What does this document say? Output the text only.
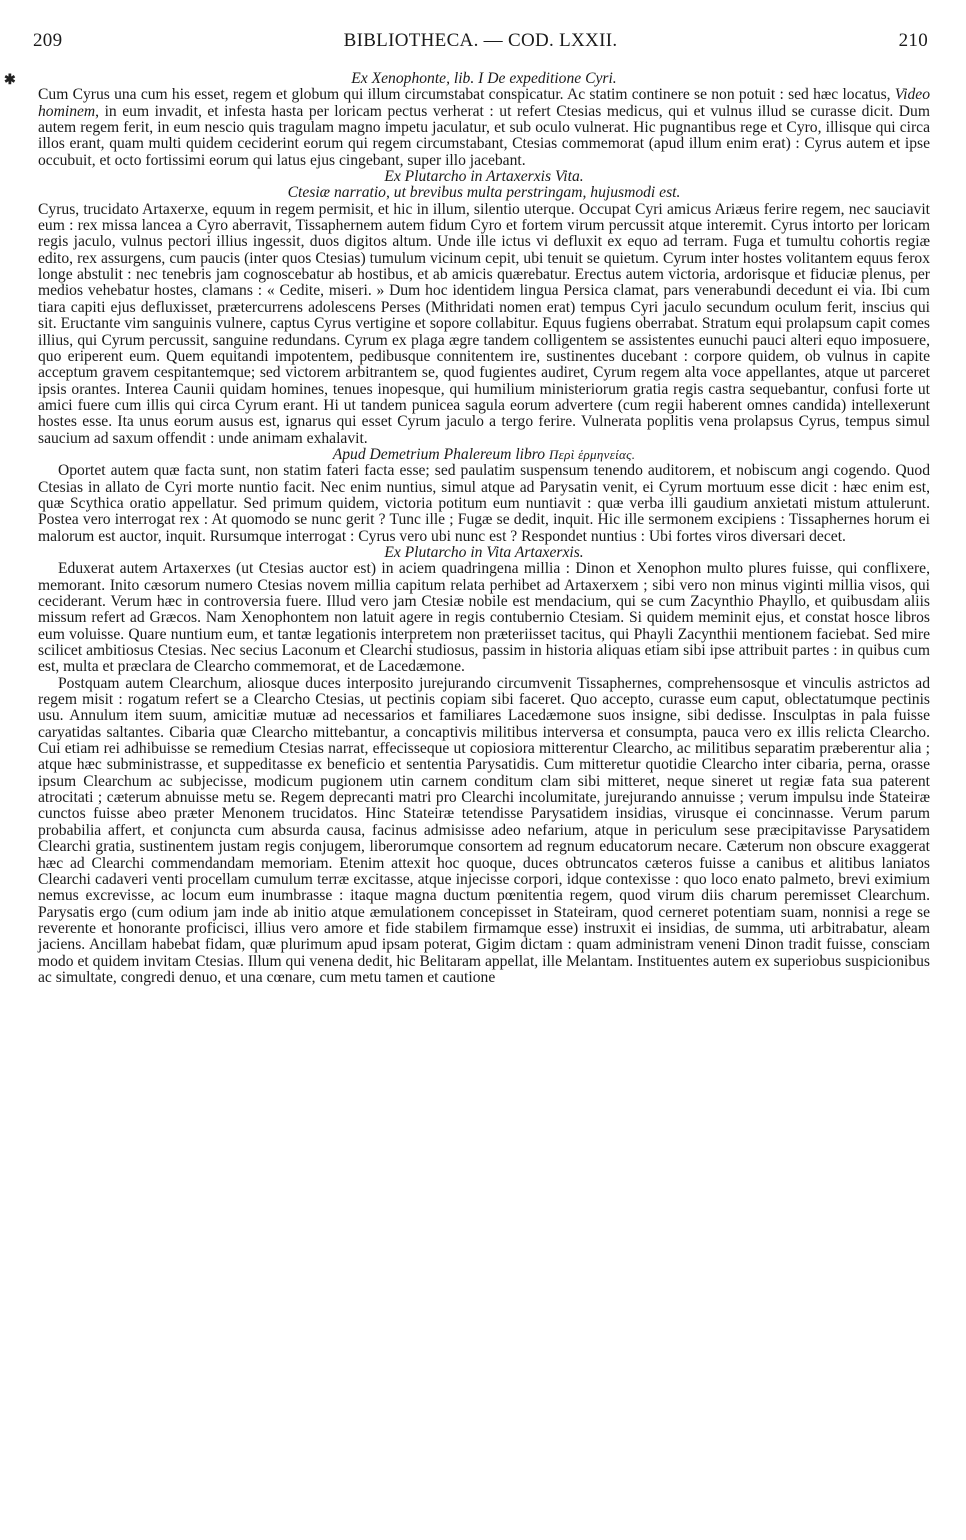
209	BIBLIOTHECA. — COD. LXXII.	210
✱	Ex Xenophonte, lib. I De expeditione Cyri.

Cum Cyrus una cum his esset, regem et globum qui illum circumstabat conspicatur. Ac statim continere se non potuit : sed hæc locatus, Video hominem, in eum invadit, et infesta hasta per loricam pectus verherat : ut refert Ctesias medicus, qui et vulnus illud se curasse dicit. Dum autem regem ferit, in eum nescio quis tragulam magno impetu jaculatur, et sub oculo vulnerat. Hic pugnantibus rege et Cyro, illisque qui circa illos erant, quam multi quidem ceciderint eorum qui regem circumstabant, Ctesias commemorat (apud illum enim erat) : Cyrus autem et ipse occubuit, et octo fortissimi eorum qui latus ejus cingebant, super illo jacebant.

Ex Plutarcho in Artaxerxis Vita.

Ctesiæ narratio, ut brevibus multa perstringam, hujusmodi est.

Cyrus, trucidato Artaxerxe, equum in regem permisit, et hic in illum, silentio uterque. Occupat Cyri amicus Ariæus ferire regem, nec sauciavit eum : rex missa lancea a Cyro aberravit, Tissaphernem autem fidum Cyro et fortem virum percussit atque interemit. Cyrus intorto per loricam regis jaculo, vulnus pectori illius ingessit, duos digitos altum. Unde ille ictus vi defluxit ex equo ad terram. Fuga et tumultu cohortis regiæ edito, rex assurgens, cum paucis (inter quos Ctesias) tumulum vicinum cepit, ubi tenuit se quietum. Cyrum inter hostes volitantem equus ferox longe abstulit : nec tenebris jam cognoscebatur ab hostibus, et ab amicis quærebatur. Erectus autem victoria, ardorisque et fiduciæ plenus, per medios vehebatur hostes, clamans : « Cedite, miseri. » Dum hoc identidem lingua Persica clamat, pars venerabundi decedunt ei via. Ibi cum tiara capiti ejus defluxisset, prætercurrens adolescens Perses (Mithridati nomen erat) tempus Cyri jaculo secundum oculum ferit, inscius qui sit. Eructante vim sanguinis vulnere, captus Cyrus vertigine et sopore collabitur. Equus fugiens oberrabat. Stratum equi prolapsum capit comes illius, qui Cyrum percussit, sanguine redundans. Cyrum ex plaga ægre tandem colligentem se assistentes eunuchi pauci alteri equo imposuere, quo eriperent eum. Quem equitandi impotentem, pedibusque connitentem ire, sustinentes ducebant : corpore quidem, ob vulnus in capite acceptum gravem cespitantemque; sed victorem arbitrantem se, quod fugientes audiret, Cyrum regem alta voce appellantes, atque ut parceret ipsis orantes. Interea Caunii quidam homines, tenues inopesque, qui humilium ministeriorum gratia regis castra sequebantur, confusi forte ut amici fuere cum illis qui circa Cyrum erant. Hi ut tandem punicea sagula eorum advertere (cum regii haberent omnes candida) intellexerunt hostes esse. Ita unus eorum ausus est, ignarus qui esset Cyrum jaculo a tergo ferire. Vulnerata poplitis vena prolapsus Cyrus, tempus simul saucium ad saxum offendit : unde animam exhalavit.

Apud Demetrium Phalereum libro Περὶ ἑρμηνείας.

Oportet autem quæ facta sunt, non statim fateri facta esse; sed paulatim suspensum tenendo auditorem, et nobiscum angi cogendo. Quod Ctesias in allato de Cyri morte nuntio facit. Nec enim nuntius, simul atque ad Parysatin venit, ei Cyrum mortuum esse dicit : hæc enim est, quæ Scythica oratio appellatur. Sed primum quidem, victoria potitum eum nuntiavit : quæ verba illi gaudium anxietati mistum attulerunt. Postea vero interrogat rex : At quomodo se nunc gerit ? Tunc ille ; Fugæ se dedit, inquit. Hic ille sermonem excipiens : Tissaphernes horum ei malorum est auctor, inquit. Rursumque interrogat : Cyrus vero ubi nunc est ? Respondet nuntius : Ubi fortes viros diversari decet.

Ex Plutarcho in Vita Artaxerxis.

Eduxerat autem Artaxerxes (ut Ctesias auctor est) in aciem quadringena millia : Dinon et Xenophon multo plures fuisse, qui conflixere, memorant. Inito cæsorum numero Ctesias novem millia capitum relata perhibet ad Artaxerxem ; sibi vero non minus viginti millia visos, qui ceciderant. Verum hæc in controversia fuere. Illud vero jam Ctesiæ nobile est mendacium, qui se cum Zacynthio Phayllo, et quibusdam aliis missum refert ad Græcos. Nam Xenophontem non latuit agere in regis contubernio Ctesiam. Si quidem meminit ejus, et constat hosce libros eum voluisse. Quare nuntium eum, et tantæ legationis interpretem non præteriisset tacitus, qui Phayli Zacynthii mentionem faciebat. Sed mire scilicet ambitiosus Ctesias. Nec secius Laconum et Clearchi studiosus, passim in historia aliquas etiam sibi ipse attribuit partes : in quibus cum est, multa et præclara de Clearcho commemorat, et de Lacedæmone.

Postquam autem Clearchum, aliosque duces interposito jurejurando circumvenit Tissaphernes, comprehensosque et vinculis astrictos ad regem misit : rogatum refert se a Clearcho Ctesias, ut pectinis copiam sibi faceret. Quo accepto, curasse eum caput, oblectatumque pectinis usu. Annulum item suum, amicitiæ mutuæ ad necessarios et familiares Lacedæmone suos insigne, sibi dedisse. Insculptas in pala fuisse caryatidas saltantes. Cibaria quæ Clearcho mittebantur, a concaptivis militibus interversa et consumpta, pauca vero ex illis relicta Clearcho. Cui etiam rei adhibuisse se remedium Ctesias narrat, effecisseque ut copiosiora mitterentur Clearcho, ac militibus separatim præberentur alia ; atque hæc subministrasse, et suppeditasse ex beneficio et sententia Parysatidis. Cum mitteretur quotidie Clearcho inter cibaria, perna, orasse ipsum Clearchum ac subjecisse, modicum pugionem utin carnem conditum clam sibi mitteret, neque sineret ut regiæ fata sua paterent atrocitati ; cæterum abnuisse metu se. Regem deprecanti matri pro Clearchi incolumitate, jurejurando annuisse ; verum impulsu inde Stateiræ cunctos fuisse abeo præter Menonem trucidatos. Hinc Stateiræ tetendisse Parysatidem insidias, virusque ei concinnasse. Verum parum probabilia affert, et conjuncta cum absurda causa, facinus admisisse adeo nefarium, atque in periculum sese præcipitavisse Parysatidem Clearchi gratia, sustinentem justam regis conjugem, liberorumque consortem ad regnum educatorum necare. Cæterum non obscure exaggerat hæc ad Clearchi commendandam memoriam. Etenim attexit hoc quoque, duces obtruncatos cæteros fuisse a canibus et alitibus laniatos Clearchi cadaveri venti procellam cumulum terræ excitasse, atque injecisse corpori, idque contexisse : quo loco enato palmeto, brevi eximium nemus excrevisse, ac locum eum inumbrasse : itaque magna ductum pœnitentia regem, quod virum diis charum peremisset Clearchum. Parysatis ergo (cum odium jam inde ab initio atque æmulationem concepisset in Stateiram, quod cerneret potentiam suam, nonnisi a rege se reverente et honorante proficisci, illius vero amore et fide stabilem firmamque esse) instruxit ei insidias, de summa, uti arbitrabatur, aleam jaciens. Ancillam habebat fidam, quæ plurimum apud ipsam poterat, Gigim dictam : quam administram veneni Dinon tradit fuisse, consciam modo et quidem invitam Ctesias. Illum qui venena dedit, hic Belitaram appellat, ille Melantam. Instituentes autem ex superiobus suspicionibus ac simultate, congredi denuo, et una cœnare, cum metu tamen et cautione
